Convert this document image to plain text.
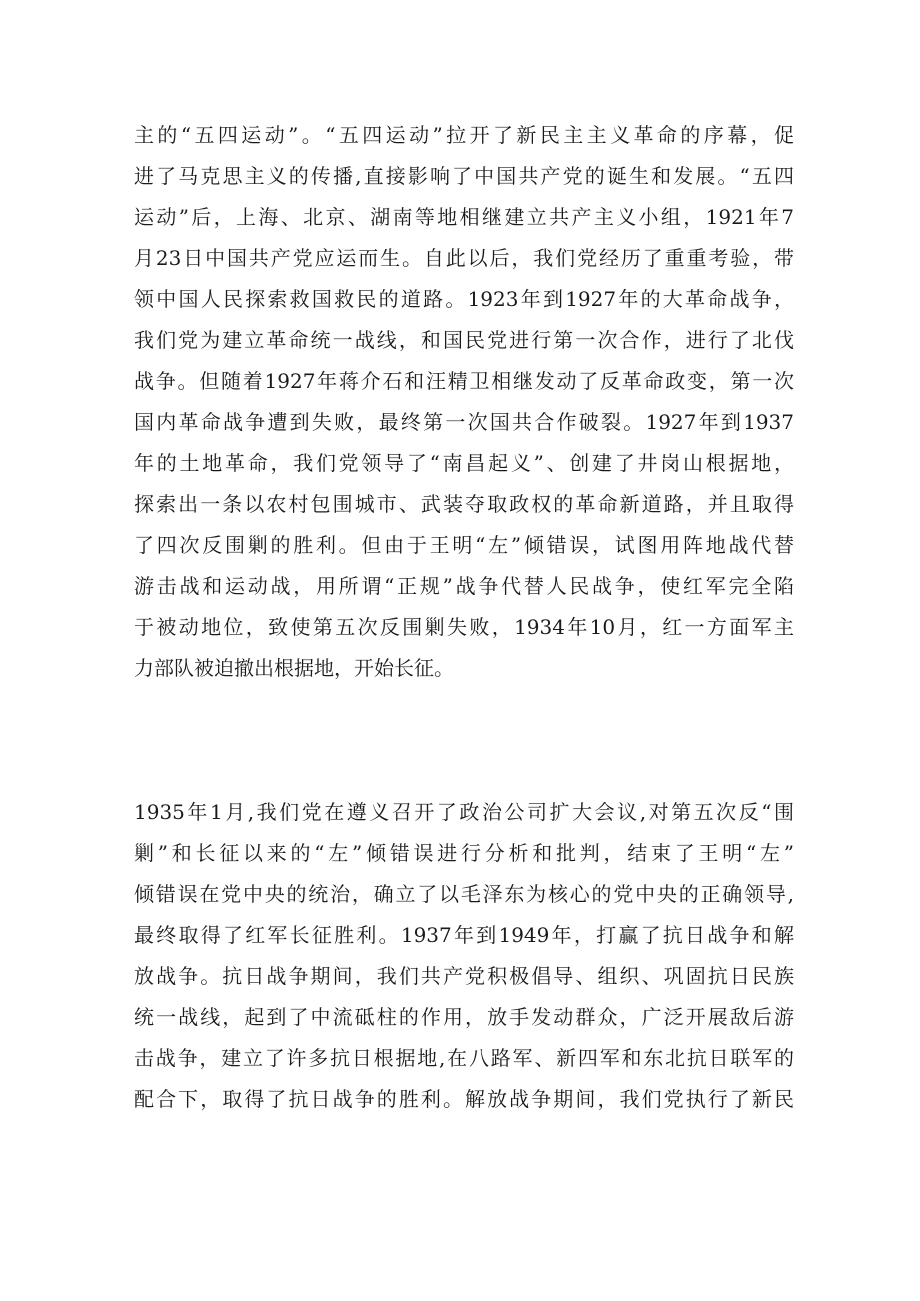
主的“五四运动”。“五四运动”拉开了新民主主义革命的序幕，促
进了马克思主义的传播,直接影响了中国共产党的诞生和发展。“五四
运动”后，上海、北京、湖南等地相继建立共产主义小组，1921年7
月23日中国共产党应运而生。自此以后，我们党经历了重重考验，带
领中国人民探索救国救民的道路。1923年到1927年的大革命战争，
我们党为建立革命统一战线，和国民党进行第一次合作，进行了北伐
战争。但随着1927年蒋介石和汪精卫相继发动了反革命政变，第一次
国内革命战争遭到失败，最终第一次国共合作破裂。1927年到1937
年的土地革命，我们党领导了“南昌起义”、创建了井岗山根据地，
探索出一条以农村包围城市、武装夺取政权的革命新道路，并且取得
了四次反围剿的胜利。但由于王明“左”倾错误，试图用阵地战代替
游击战和运动战，用所谓“正规”战争代替人民战争，使红军完全陷
于被动地位，致使第五次反围剿失败，1934年10月，红一方面军主
力部队被迫撤出根据地，开始长征。
1935年1月,我们党在遵义召开了政治公司扩大会议,对第五次反“围
剿”和长征以来的“左”倾错误进行分析和批判，结束了王明“左”
倾错误在党中央的统治，确立了以毛泽东为核心的党中央的正确领导,
最终取得了红军长征胜利。1937年到1949年，打赢了抗日战争和解
放战争。抗日战争期间，我们共产党积极倡导、组织、巩固抗日民族
统一战线，起到了中流砥柱的作用，放手发动群众，广泛开展敌后游
击战争，建立了许多抗日根据地,在八路军、新四军和东北抗日联军的
配合下，取得了抗日战争的胜利。解放战争期间，我们党执行了新民
